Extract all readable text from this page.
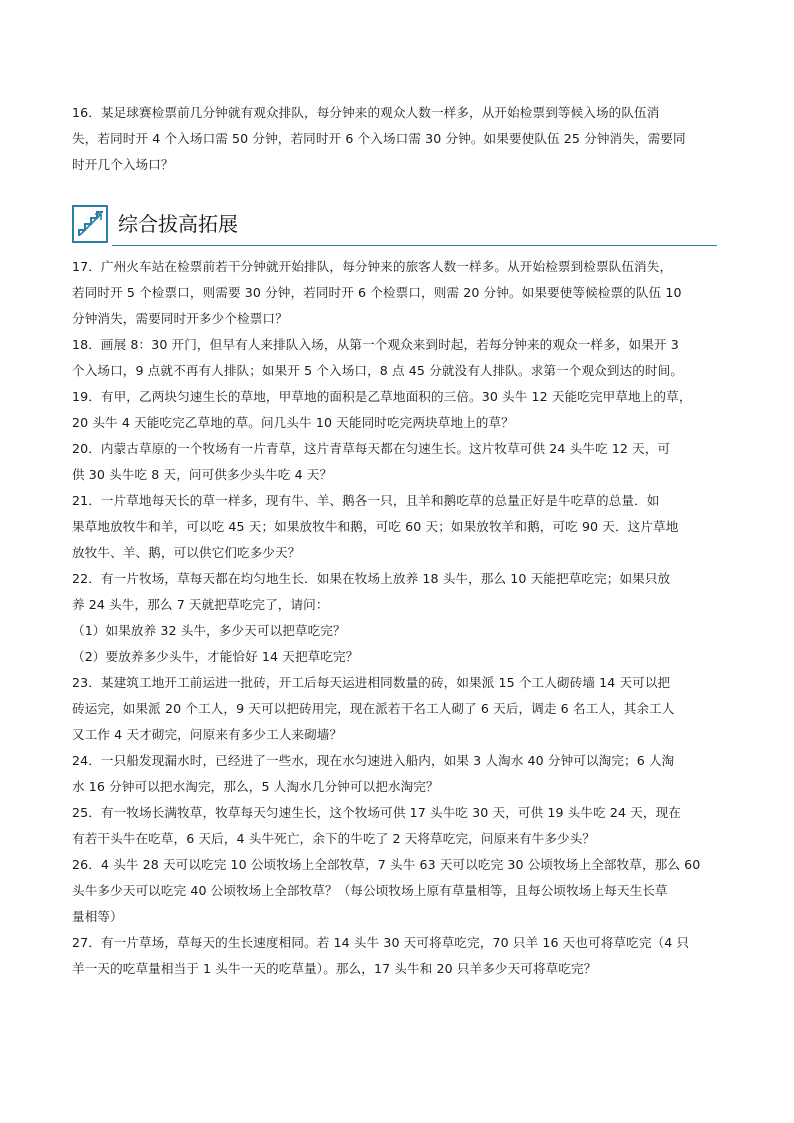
16．某足球赛检票前几分钟就有观众排队，每分钟来的观众人数一样多，从开始检票到等候入场的队伍消
失，若同时开 4 个入场口需 50 分钟，若同时开 6 个入场口需 30 分钟。如果要使队伍 25 分钟消失，需要同
时开几个入场口？
综合拔高拓展
17．广州火车站在检票前若干分钟就开始排队，每分钟来的旅客人数一样多。从开始检票到检票队伍消失，
若同时开 5 个检票口，则需要 30 分钟，若同时开 6 个检票口，则需 20 分钟。如果要使等候检票的队伍 10
分钟消失，需要同时开多少个检票口？
18．画展 8：30 开门，但早有人来排队入场，从第一个观众来到时起，若每分钟来的观众一样多，如果开 3
个入场口，9 点就不再有人排队；如果开 5 个入场口，8 点 45 分就没有人排队。求第一个观众到达的时间。
19．有甲，乙两块匀速生长的草地，甲草地的面积是乙草地面积的三倍。30 头牛 12 天能吃完甲草地上的草，
20 头牛 4 天能吃完乙草地的草。问几头牛 10 天能同时吃完两块草地上的草？
20．内蒙古草原的一个牧场有一片青草，这片青草每天都在匀速生长。这片牧草可供 24 头牛吃 12 天，可
供 30 头牛吃 8 天，问可供多少头牛吃 4 天？
21．一片草地每天长的草一样多，现有牛、羊、鹅各一只，且羊和鹅吃草的总量正好是牛吃草的总量．如
果草地放牧牛和羊，可以吃 45 天；如果放牧牛和鹅，可吃 60 天；如果放牧羊和鹅，可吃 90 天．这片草地
放牧牛、羊、鹅，可以供它们吃多少天？
22．有一片牧场，草每天都在均匀地生长．如果在牧场上放养 18 头牛，那么 10 天能把草吃完；如果只放
养 24 头牛，那么 7 天就把草吃完了，请问：
（1）如果放养 32 头牛，多少天可以把草吃完？
（2）要放养多少头牛，才能恰好 14 天把草吃完？
23．某建筑工地开工前运进一批砖，开工后每天运进相同数量的砖，如果派 15 个工人砌砖墙 14 天可以把
砖运完，如果派 20 个工人，9 天可以把砖用完，现在派若干名工人砌了 6 天后，调走 6 名工人，其余工人
又工作 4 天才砌完，问原来有多少工人来砌墙？
24．一只船发现漏水时，已经进了一些水，现在水匀速进入船内，如果 3 人淘水 40 分钟可以淘完；6 人淘
水 16 分钟可以把水淘完，那么，5 人淘水几分钟可以把水淘完？
25．有一牧场长满牧草，牧草每天匀速生长，这个牧场可供 17 头牛吃 30 天，可供 19 头牛吃 24 天，现在
有若干头牛在吃草，6 天后，4 头牛死亡，余下的牛吃了 2 天将草吃完，问原来有牛多少头？
26．4 头牛 28 天可以吃完 10 公顷牧场上全部牧草，7 头牛 63 天可以吃完 30 公顷牧场上全部牧草，那么 60
头牛多少天可以吃完 40 公顷牧场上全部牧草？（每公顷牧场上原有草量相等，且每公顷牧场上每天生长草
量相等）
27．有一片草场，草每天的生长速度相同。若 14 头牛 30 天可将草吃完，70 只羊 16 天也可将草吃完（4 只
羊一天的吃草量相当于 1 头牛一天的吃草量）。那么，17 头牛和 20 只羊多少天可将草吃完？
